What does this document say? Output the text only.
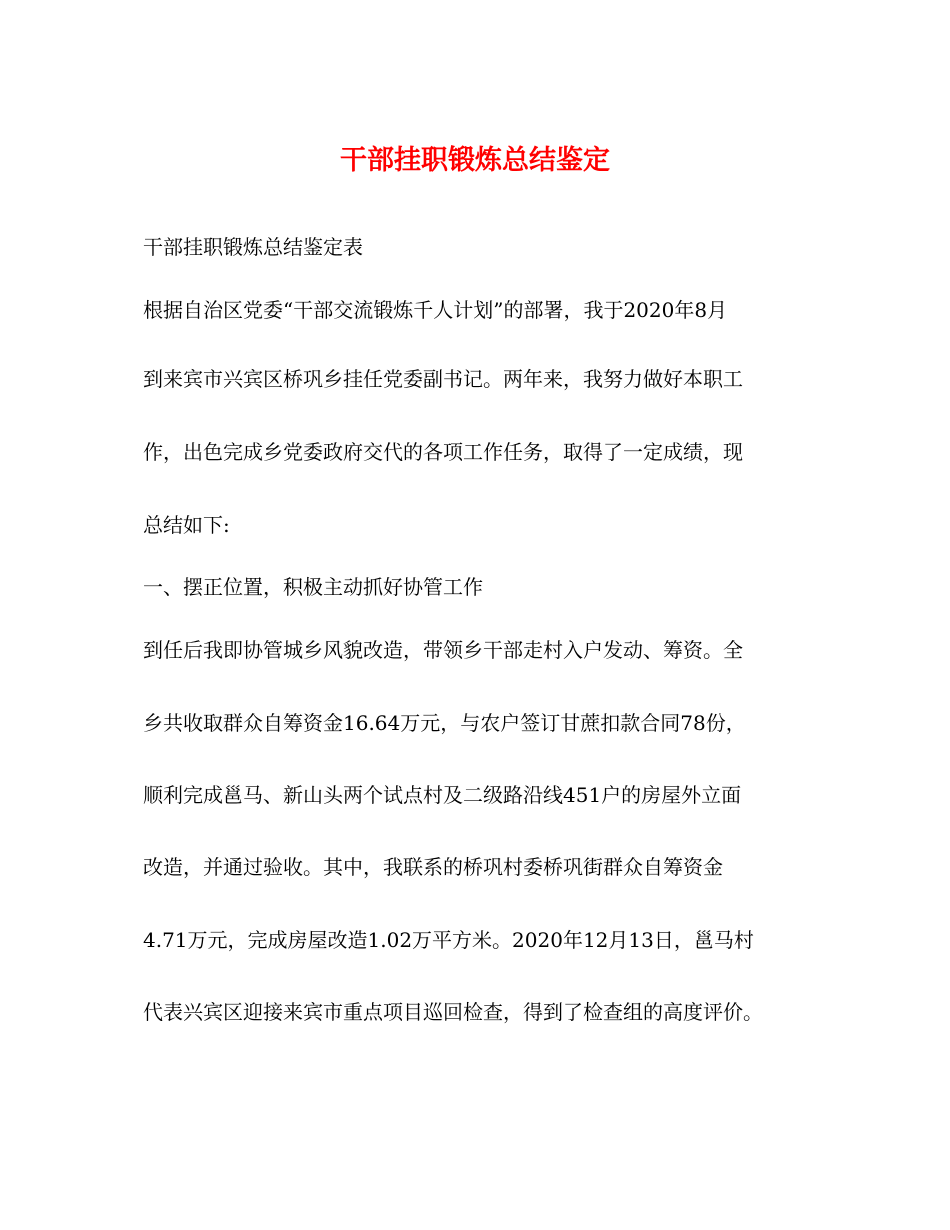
干部挂职锻炼总结鉴定

干部挂职锻炼总结鉴定表

根据自治区党委“干部交流锻炼千人计划”的部署，我于2020年8月

到来宾市兴宾区桥巩乡挂任党委副书记。两年来，我努力做好本职工

作，出色完成乡党委政府交代的各项工作任务，取得了一定成绩，现

总结如下:

一、摆正位置，积极主动抓好协管工作

到任后我即协管城乡风貌改造，带领乡干部走村入户发动、筹资。全

乡共收取群众自筹资金16.64万元，与农户签订甘蔗扣款合同78份，

顺利完成邕马、新山头两个试点村及二级路沿线451户的房屋外立面

改造，并通过验收。其中，我联系的桥巩村委桥巩街群众自筹资金

4.71万元，完成房屋改造1.02万平方米。2020年12月13日，邕马村

代表兴宾区迎接来宾市重点项目巡回检查，得到了检查组的高度评价。
